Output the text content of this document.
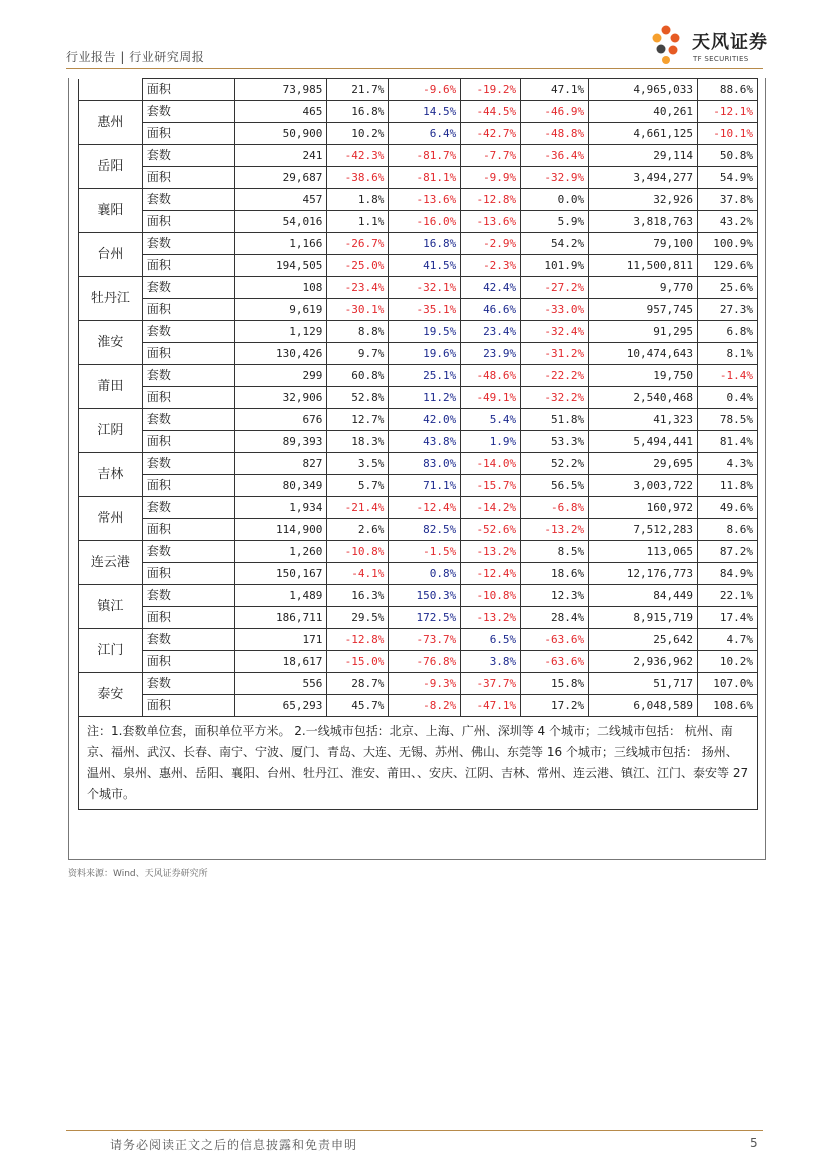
行业报告 | 行业研究周报
天风证券
TF SECURITIES
	面积	73,985	21.7%	-9.6%	-19.2%	47.1%	4,965,033	88.6%
惠州	套数	465	16.8%	14.5%	-44.5%	-46.9%	40,261	-12.1%
	面积	50,900	10.2%	6.4%	-42.7%	-48.8%	4,661,125	-10.1%
岳阳	套数	241	-42.3%	-81.7%	-7.7%	-36.4%	29,114	50.8%
	面积	29,687	-38.6%	-81.1%	-9.9%	-32.9%	3,494,277	54.9%
襄阳	套数	457	1.8%	-13.6%	-12.8%	0.0%	32,926	37.8%
	面积	54,016	1.1%	-16.0%	-13.6%	5.9%	3,818,763	43.2%
台州	套数	1,166	-26.7%	16.8%	-2.9%	54.2%	79,100	100.9%
	面积	194,505	-25.0%	41.5%	-2.3%	101.9%	11,500,811	129.6%
牡丹江	套数	108	-23.4%	-32.1%	42.4%	-27.2%	9,770	25.6%
	面积	9,619	-30.1%	-35.1%	46.6%	-33.0%	957,745	27.3%
淮安	套数	1,129	8.8%	19.5%	23.4%	-32.4%	91,295	6.8%
	面积	130,426	9.7%	19.6%	23.9%	-31.2%	10,474,643	8.1%
莆田	套数	299	60.8%	25.1%	-48.6%	-22.2%	19,750	-1.4%
	面积	32,906	52.8%	11.2%	-49.1%	-32.2%	2,540,468	0.4%
江阴	套数	676	12.7%	42.0%	5.4%	51.8%	41,323	78.5%
	面积	89,393	18.3%	43.8%	1.9%	53.3%	5,494,441	81.4%
吉林	套数	827	3.5%	83.0%	-14.0%	52.2%	29,695	4.3%
	面积	80,349	5.7%	71.1%	-15.7%	56.5%	3,003,722	11.8%
常州	套数	1,934	-21.4%	-12.4%	-14.2%	-6.8%	160,972	49.6%
	面积	114,900	2.6%	82.5%	-52.6%	-13.2%	7,512,283	8.6%
连云港	套数	1,260	-10.8%	-1.5%	-13.2%	8.5%	113,065	87.2%
	面积	150,167	-4.1%	0.8%	-12.4%	18.6%	12,176,773	84.9%
镇江	套数	1,489	16.3%	150.3%	-10.8%	12.3%	84,449	22.1%
	面积	186,711	29.5%	172.5%	-13.2%	28.4%	8,915,719	17.4%
江门	套数	171	-12.8%	-73.7%	6.5%	-63.6%	25,642	4.7%
	面积	18,617	-15.0%	-76.8%	3.8%	-63.6%	2,936,962	10.2%
泰安	套数	556	28.7%	-9.3%	-37.7%	15.8%	51,717	107.0%
	面积	65,293	45.7%	-8.2%	-47.1%	17.2%	6,048,589	108.6%
注：1.套数单位套，面积单位平方米。 2.一线城市包括：北京、上海、广州、深圳等 4 个城市；二线城市包括： 杭州、南京、福州、武汉、长春、南宁、宁波、厦门、青岛、大连、无锡、苏州、佛山、东莞等 16 个城市；三线城市包括： 扬州、温州、泉州、惠州、岳阳、襄阳、台州、牡丹江、淮安、莆田、、安庆、江阴、吉林、常州、连云港、镇江、江门、泰安等 27 个城市。								
资料来源：Wind、天风证券研究所
请务必阅读正文之后的信息披露和免责申明	5
